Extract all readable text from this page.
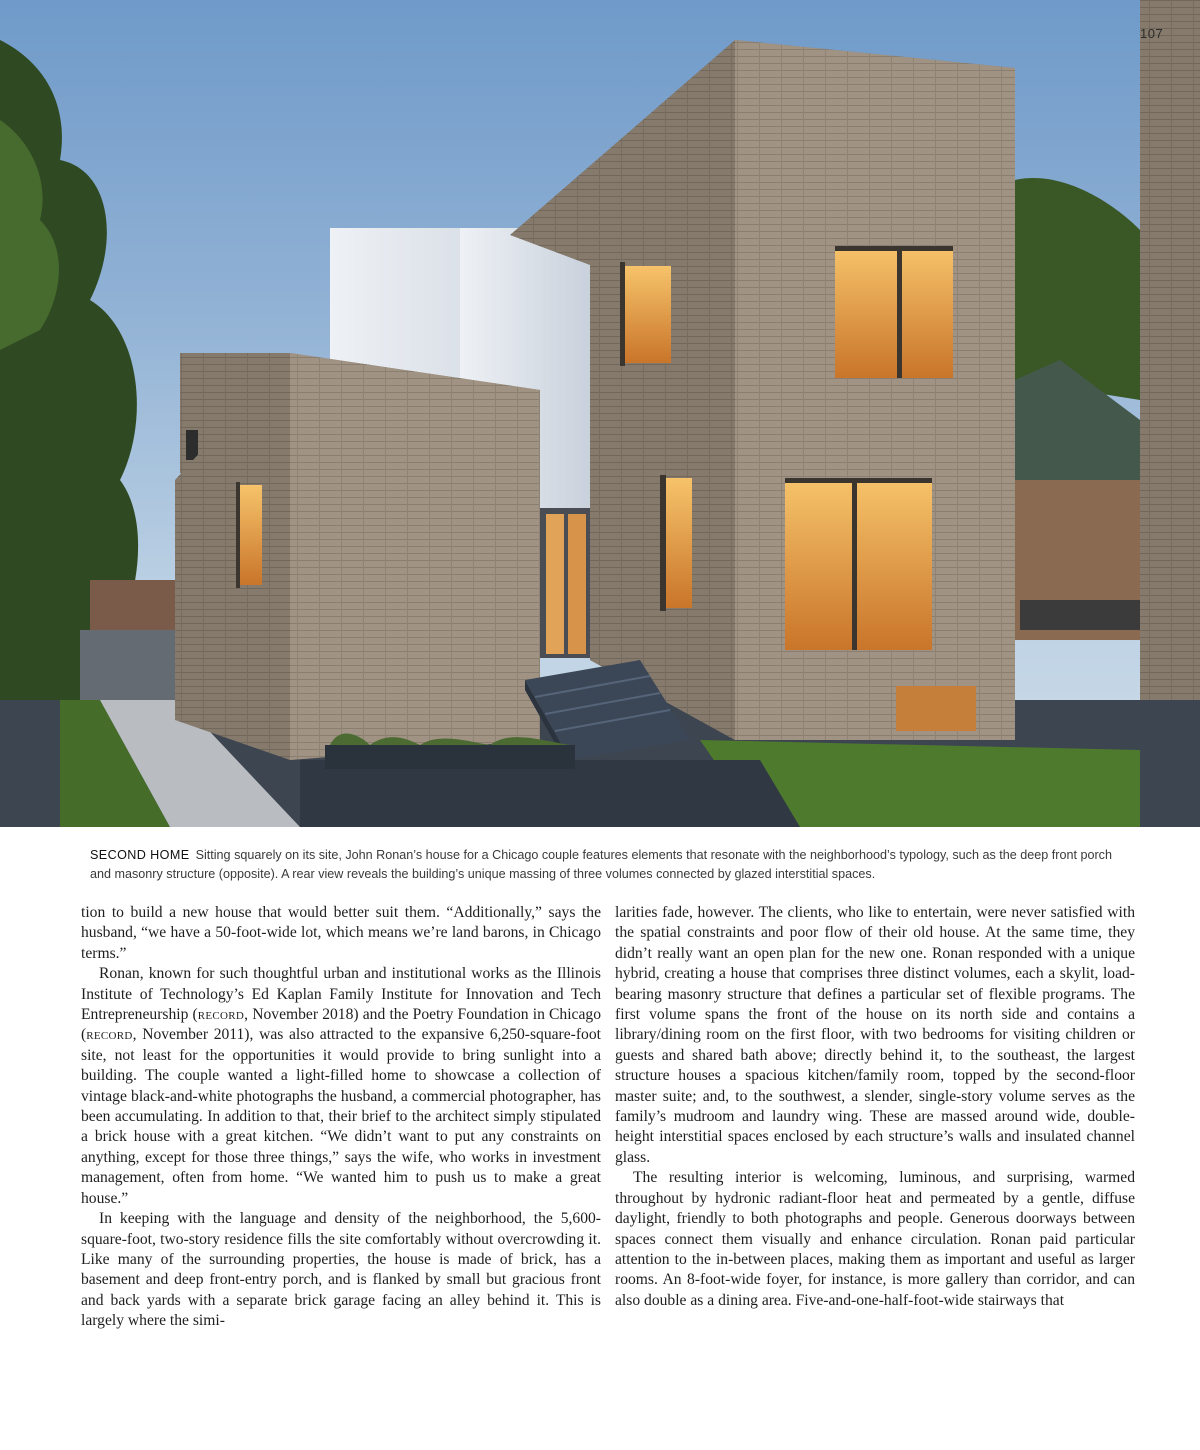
107
SECOND HOME Sitting squarely on its site, John Ronan’s house for a Chicago couple features elements that resonate with the neighborhood’s typology, such as the deep front porch and masonry structure (opposite). A rear view reveals the building’s unique massing of three volumes connected by glazed interstitial spaces.

tion to build a new house that would better suit them. “Additionally,” says the husband, “we have a 50-foot-wide lot, which means we’re land barons, in Chicago terms.”

Ronan, known for such thoughtful urban and institutional works as the Illinois Institute of Technology’s Ed Kaplan Family Institute for Innovation and Tech Entrepreneurship (record, November 2018) and the Poetry Foundation in Chicago (record, November 2011), was also attracted to the expansive 6,250-square-foot site, not least for the opportunities it would provide to bring sunlight into a building. The couple wanted a light-filled home to showcase a collection of vintage black-and-white photographs the husband, a commercial photographer, has been accumulating. In addition to that, their brief to the architect simply stipulated a brick house with a great kitchen. “We didn’t want to put any constraints on anything, except for those three things,” says the wife, who works in investment management, often from home. “We wanted him to push us to make a great house.”

In keeping with the language and density of the neighborhood, the 5,600-square-foot, two-story residence fills the site comfortably without overcrowding it. Like many of the surrounding properties, the house is made of brick, has a basement and deep front-entry porch, and is flanked by small but gracious front and back yards with a separate brick garage facing an alley behind it. This is largely where the simi-

larities fade, however. The clients, who like to entertain, were never satisfied with the spatial constraints and poor flow of their old house. At the same time, they didn’t really want an open plan for the new one. Ronan responded with a unique hybrid, creating a house that comprises three distinct volumes, each a skylit, load-bearing masonry structure that defines a particular set of flexible programs. The first volume spans the front of the house on its north side and contains a library/dining room on the first floor, with two bedrooms for visiting children or guests and shared bath above; directly behind it, to the southeast, the largest structure houses a spacious kitchen/family room, topped by the second-floor master suite; and, to the southwest, a slender, single-story volume serves as the family’s mudroom and laundry wing. These are massed around wide, double-height interstitial spaces enclosed by each structure’s walls and insulated channel glass.

The resulting interior is welcoming, luminous, and surprising, warmed throughout by hydronic radiant-floor heat and permeated by a gentle, diffuse daylight, friendly to both photographs and people. Generous doorways between spaces connect them visually and enhance circulation. Ronan paid particular attention to the in-between places, making them as important and useful as larger rooms. An 8-foot-wide foyer, for instance, is more gallery than corridor, and can also double as a dining area. Five-and-one-half-foot-wide stairways that
